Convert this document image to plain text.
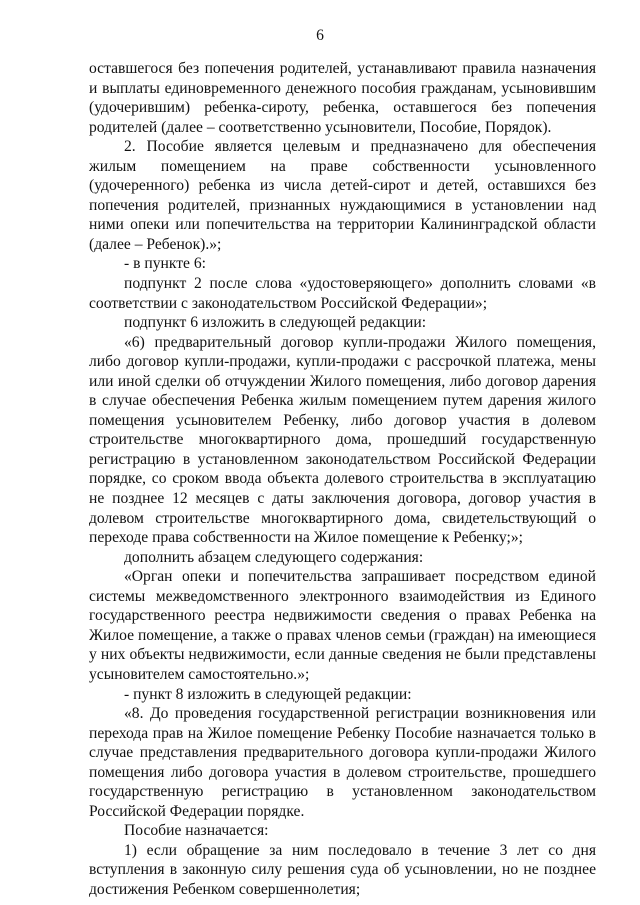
6

оставшегося без попечения родителей, устанавливают правила назначения и выплаты единовременного денежного пособия гражданам, усыновившим (удочерившим) ребенка-сироту, ребенка, оставшегося без попечения родителей (далее – соответственно усыновители, Пособие, Порядок).

2. Пособие является целевым и предназначено для обеспечения жилым помещением на праве собственности усыновленного (удочеренного) ребенка из числа детей-сирот и детей, оставшихся без попечения родителей, признанных нуждающимися в установлении над ними опеки или попечительства на территории Калининградской области (далее – Ребенок).»;

- в пункте 6:

подпункт 2 после слова «удостоверяющего» дополнить словами «в соответствии с законодательством Российской Федерации»;

подпункт 6 изложить в следующей редакции:

«6) предварительный договор купли-продажи Жилого помещения, либо договор купли-продажи, купли-продажи с рассрочкой платежа, мены или иной сделки об отчуждении Жилого помещения, либо договор дарения в случае обеспечения Ребенка жилым помещением путем дарения жилого помещения усыновителем Ребенку, либо договор участия в долевом строительстве многоквартирного дома, прошедший государственную регистрацию в установленном законодательством Российской Федерации порядке, со сроком ввода объекта долевого строительства в эксплуатацию не позднее 12 месяцев с даты заключения договора, договор участия в долевом строительстве многоквартирного дома, свидетельствующий о переходе права собственности на Жилое помещение к Ребенку;»;

дополнить абзацем следующего содержания:

«Орган опеки и попечительства запрашивает посредством единой системы межведомственного электронного взаимодействия из Единого государственного реестра недвижимости сведения о правах Ребенка на Жилое помещение, а также о правах членов семьи (граждан) на имеющиеся у них объекты недвижимости, если данные сведения не были представлены усыновителем самостоятельно.»;

- пункт 8 изложить в следующей редакции:

«8. До проведения государственной регистрации возникновения или перехода прав на Жилое помещение Ребенку Пособие назначается только в случае представления предварительного договора купли-продажи Жилого помещения либо договора участия в долевом строительстве, прошедшего государственную регистрацию в установленном законодательством Российской Федерации порядке.

Пособие назначается:

1) если обращение за ним последовало в течение 3 лет со дня вступления в законную силу решения суда об усыновлении, но не позднее достижения Ребенком совершеннолетия;
